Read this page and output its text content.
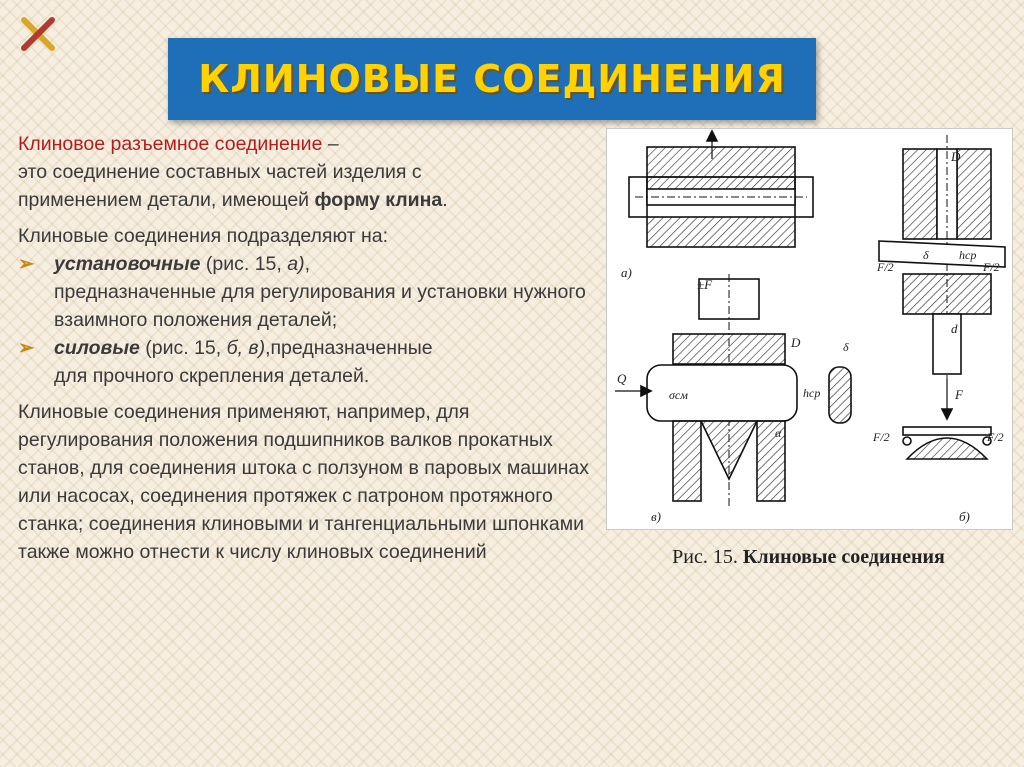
КЛИНОВЫЕ СОЕДИНЕНИЯ

Клиновое разъемное соединение –
это соединение составных частей изделия с
применением детали, имеющей форму клина.

Клиновые соединения подразделяют на:

➢	установочные (рис. 15, а),
предназначенные для регулирования и установки нужного взаимного положения деталей;
➢	силовые (рис. 15, б, в),предназначенные
для прочного скрепления деталей.

Клиновые соединения применяют, например, для регулирования положения подшипников валков прокатных станов, для соединения штока с ползуном в паровых машинах или насосах, соединения протяжек с патроном протяжного станка; соединения клиновыми и тангенциальными шпонками также можно отнести к числу клиновых соединений

а)
D
δ	hср
F/2	F/2
d
F
F/2	F/2
б)
±F
D	δ
Q
σсм	hср
α
в)
Рис. 15. Клиновые соединения
